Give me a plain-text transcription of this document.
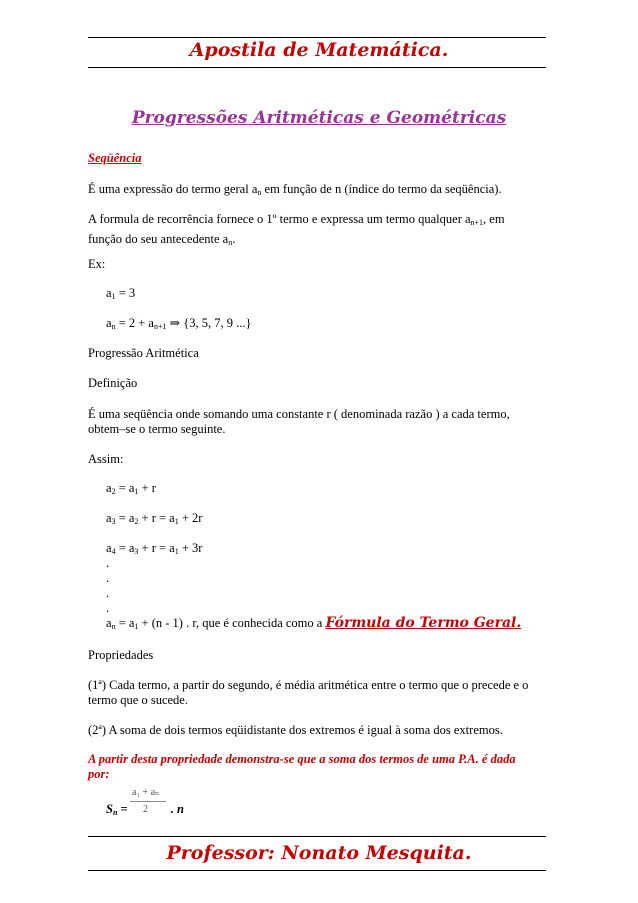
Apostila de Matemática.
Progressões Aritméticas e Geométricas
Seqüência
É uma expressão do termo geral $a_n$ em função de n (índice do termo da seqüência).
A formula de recorrência fornece o 1º termo e expressa um termo qualquer $a_{n+1}$, em
função do seu antecedente $a_n$.
Ex:
$a_1 = 3$
$a_n = 2 + a_{n+1}$ ⇒ {3, 5, 7, 9 ...}
Progressão Aritmética
Definição
É uma seqüência onde somando uma constante r ( denominada razão ) a cada termo,
obtem–se o termo seguinte.
Assim:
$a_2 = a_1 + r$
$a_3 = a_2 + r = a_1 + 2r$
$a_4 = a_3 + r = a_1 + 3r$
.
.
.
.
$a_n = a_1 + (n - 1)$ . r, que é conhecida como a Fórmula do Termo Geral.
Propriedades
(1ª) Cada termo, a partir do segundo, é média aritmética entre o termo que o precede e o
termo que o sucede.
(2ª) A soma de dois termos eqüidistante dos extremos é igual à soma dos extremos.
A partir desta propriedade demonstra-se que a soma dos termos de uma P.A. é dada
por:
a₁ + aₙ
2
$S_n$ =	. n
Professor: Nonato Mesquita.
